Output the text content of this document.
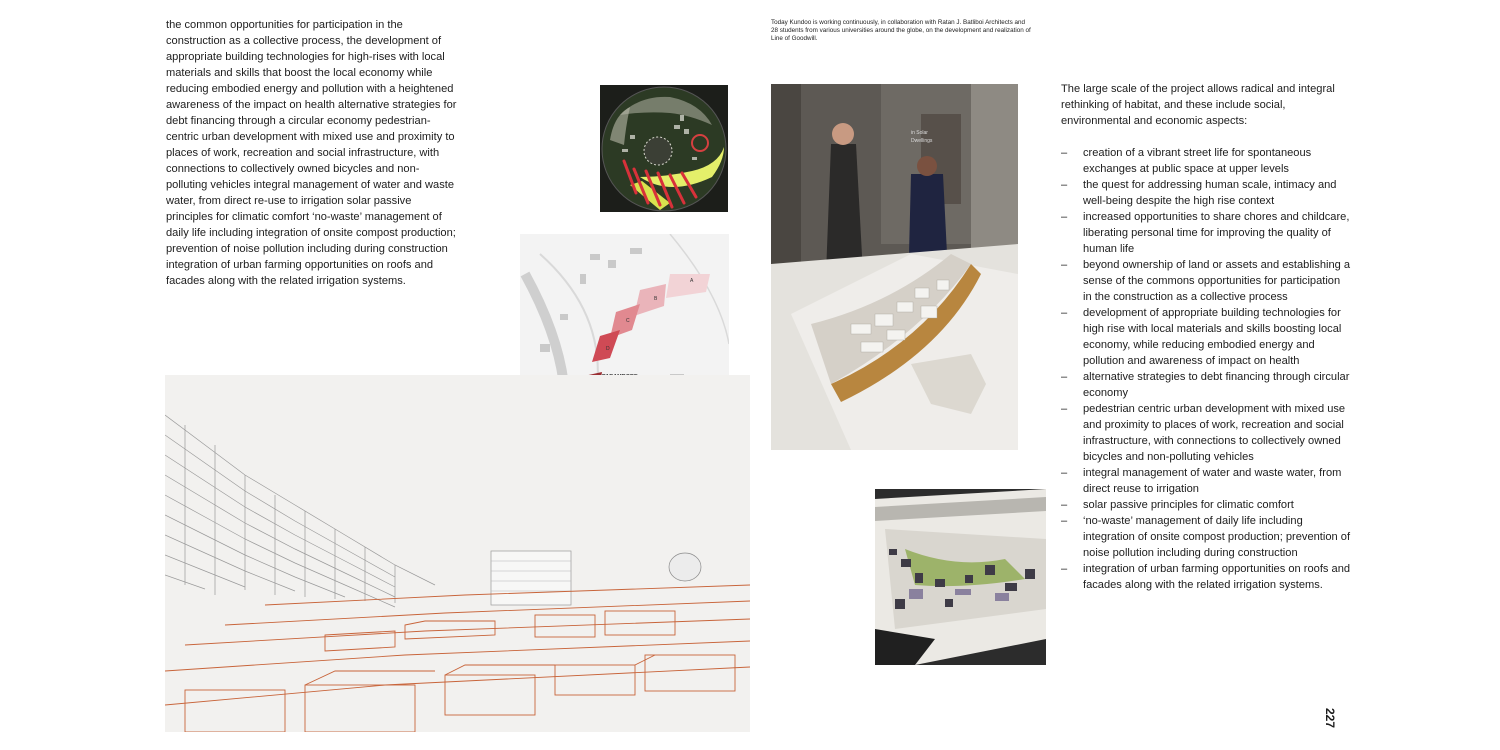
the common opportunities for participation in the construction as a collective process, the development of appropriate building technologies for high-rises with local materials and skills that boost the local economy while reducing embodied energy and pollution with a heightened awareness of the impact on health alternative strategies for debt financing through a circular economy pedestrian-centric urban development with mixed use and proximity to places of work, recreation and social infrastructure, with connections to collectively owned bicycles and non-polluting vehicles integral management of water and waste water, from direct re-use to irrigation solar passive principles for climatic comfort ‘no-waste’ management of daily life including integration of onsite compost production; prevention of noise pollution including during construction integration of urban farming opportunities on roofs and facades along with the related irrigation systems.	A
B
C
D

Today Kundoo is working continuously, in collaboration with Ratan J. Batliboi Architects and 28 students from various universities around the globe, on the development and realization of Line of Goodwill.

in Solar
Dwellings

The large scale of the project allows radical and integral rethinking of habitat, and these include social, environmental and economic aspects:

– creation of a vibrant street life for spontaneous exchanges at public space at upper levels
– the quest for addressing human scale, intimacy and well-being despite the high rise context
– increased opportunities to share chores and childcare, liberating personal time for improving the quality of human life
– beyond ownership of land or assets and establishing a sense of the commons opportunities for participation in the construction as a collective process
– development of appropriate building technologies for high rise with local materials and skills boosting local economy, while reducing embodied energy and pollution and awareness of impact on health
– alternative strategies to debt financing through circular economy
– pedestrian centric urban development with mixed use and proximity to places of work, recreation and social infrastructure, with connections to collectively owned bicycles and non-polluting vehicles
– integral management of water and waste water, from direct reuse to irrigation
– solar passive principles for climatic comfort
– ‘no-waste’ management of daily life including integration of onsite compost production; prevention of noise pollution including during construction
– integration of urban farming opportunities on roofs and facades along with the related irrigation systems.
227
